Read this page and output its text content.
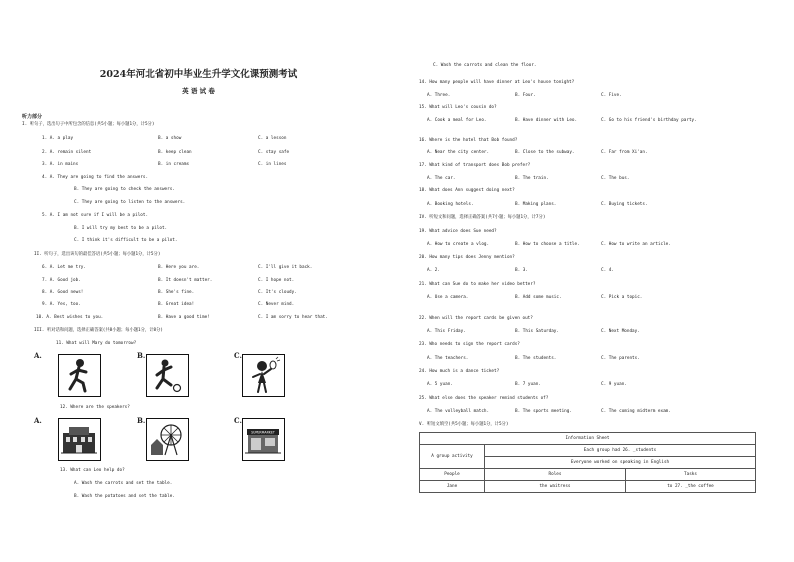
2024年河北省初中毕业生升学文化课预测考试
英 语 试 卷
听力部分
I. 听句子，选出句子中所包含的信息(共5小题；每小题1分，计5分)
1. A. a play	B. a show	C. a lesson
2. A. remain silent	B. keep clean	C. stay safe
3. A. in mains	B. in creams	C. in lines
4. A. They are going to find the answers.
B. They are going to check the answers.
C. They are going to listen to the answers.
5. A. I am not sure if I will be a pilot.
B. I will try my best to be a pilot.
C. I think it's difficult to be a pilot.
II. 听句子，选出该句的最佳答语(共5小题；每小题1分，计5分)
6. A. Let me try.	B. Here you are.	C. I'll give it back.
7. A. Good job.	B. It doesn't matter.	C. I hope not.
8. A. Good news!	B. She's fine.	C. It's cloudy.
9. A. Yes, too.	B. Great idea!	C. Never mind.
10. A. Best wishes to you.	B. Have a good time!	C. I am sorry to hear that.
III. 听对话和问题，选择正确答案(共8小题；每小题1分，计8分)
11. What will Mary do tomorrow?
A.	B.	C.
12. Where are the speakers?
A.	B.	C.
SUPERMARKET
13. What can Leo help do?
A. Wash the carrots and set the table.
B. Wash the potatoes and set the table.
C. Wash the carrots and clean the floor.
14. How many people will have dinner at Leo's house tonight?
A. Three.	B. Four.	C. Five.
15. What will Leo's cousin do?
A. Cook a meal for Leo.	B. Have dinner with Leo.	C. Go to his friend's birthday party.
16. Where is the hotel that Bob found?
A. Near the city center.	B. Close to the subway.	C. Far from Xi'an.
17. What kind of transport does Bob prefer?
A. The car.	B. The train.	C. The bus.
18. What does Ann suggest doing next?
A. Booking hotels.	B. Making plans.	C. Buying tickets.
IV. 听短文和问题，选择正确答案(共7小题；每小题1分，计7分)
19. What advice does Sue need?
A. How to create a vlog.	B. How to choose a title.	C. How to write an article.
20. How many tips does Jenny mention?
A. 2.	B. 3.	C. 4.
21. What can Sue do to make her video better?
A. Use a camera.	B. Add some music.	C. Pick a topic.
22. When will the report cards be given out?
A. This Friday.	B. This Saturday.	C. Next Monday.
23. Who needs to sign the report cards?
A. The teachers.	B. The students.	C. The parents.
24. How much is a dance ticket?
A. 5 yuan.	B. 7 yuan.	C. 9 yuan.
25. What else does the speaker remind students of?
A. The volleyball match.	B. The sports meeting.	C. The coming midterm exam.
V. 听短文填空(共5小题；每小题1分，计5分)
Information Sheet		
A group activity	Each group had 26. _students	
	Everyone worked on speaking in English	
People	Roles	Tasks
Jane	the waitress	to 27. _the coffee
